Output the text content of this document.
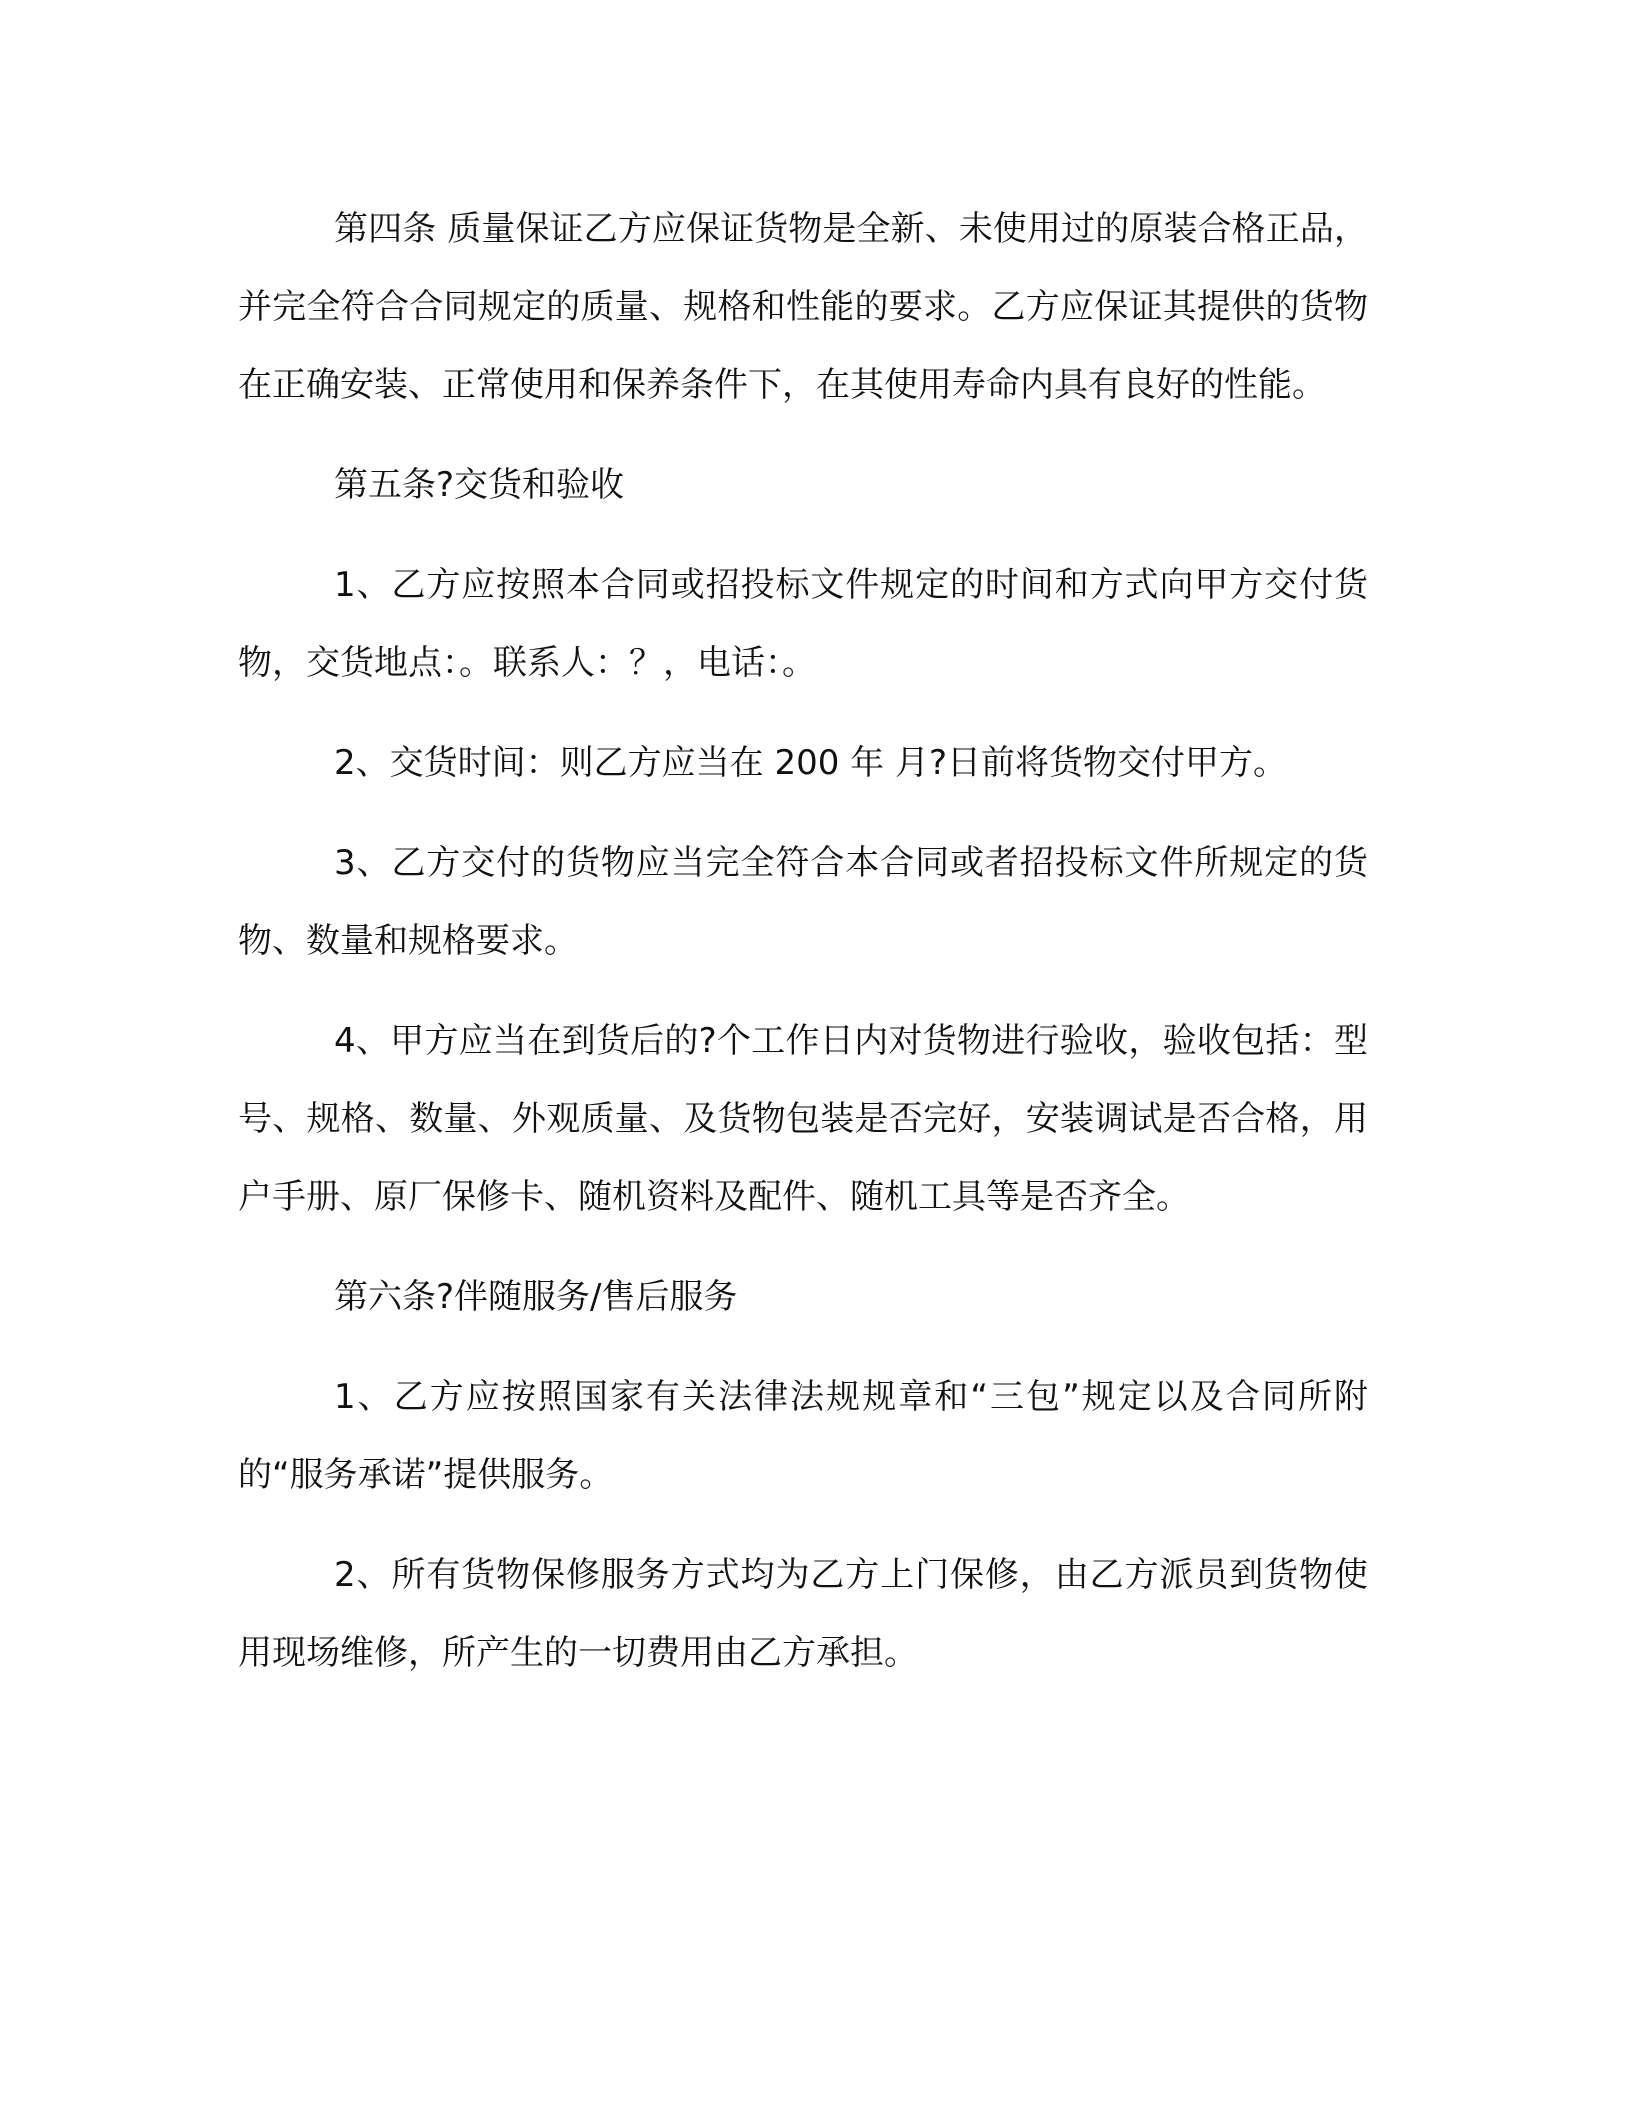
第四条 质量保证乙方应保证货物是全新、未使用过的原装合格正品，并完全符合合同规定的质量、规格和性能的要求。乙方应保证其提供的货物在正确安装、正常使用和保养条件下，在其使用寿命内具有良好的性能。

第五条?交货和验收

1、乙方应按照本合同或招投标文件规定的时间和方式向甲方交付货物，交货地点：。联系人：？，电话：。

2、交货时间：则乙方应当在 200 年 月?日前将货物交付甲方。

3、乙方交付的货物应当完全符合本合同或者招投标文件所规定的货物、数量和规格要求。

4、甲方应当在到货后的?个工作日内对货物进行验收，验收包括：型号、规格、数量、外观质量、及货物包装是否完好，安装调试是否合格，用户手册、原厂保修卡、随机资料及配件、随机工具等是否齐全。

第六条?伴随服务/售后服务

1、乙方应按照国家有关法律法规规章和“三包”规定以及合同所附的“服务承诺”提供服务。

2、所有货物保修服务方式均为乙方上门保修，由乙方派员到货物使用现场维修，所产生的一切费用由乙方承担。
